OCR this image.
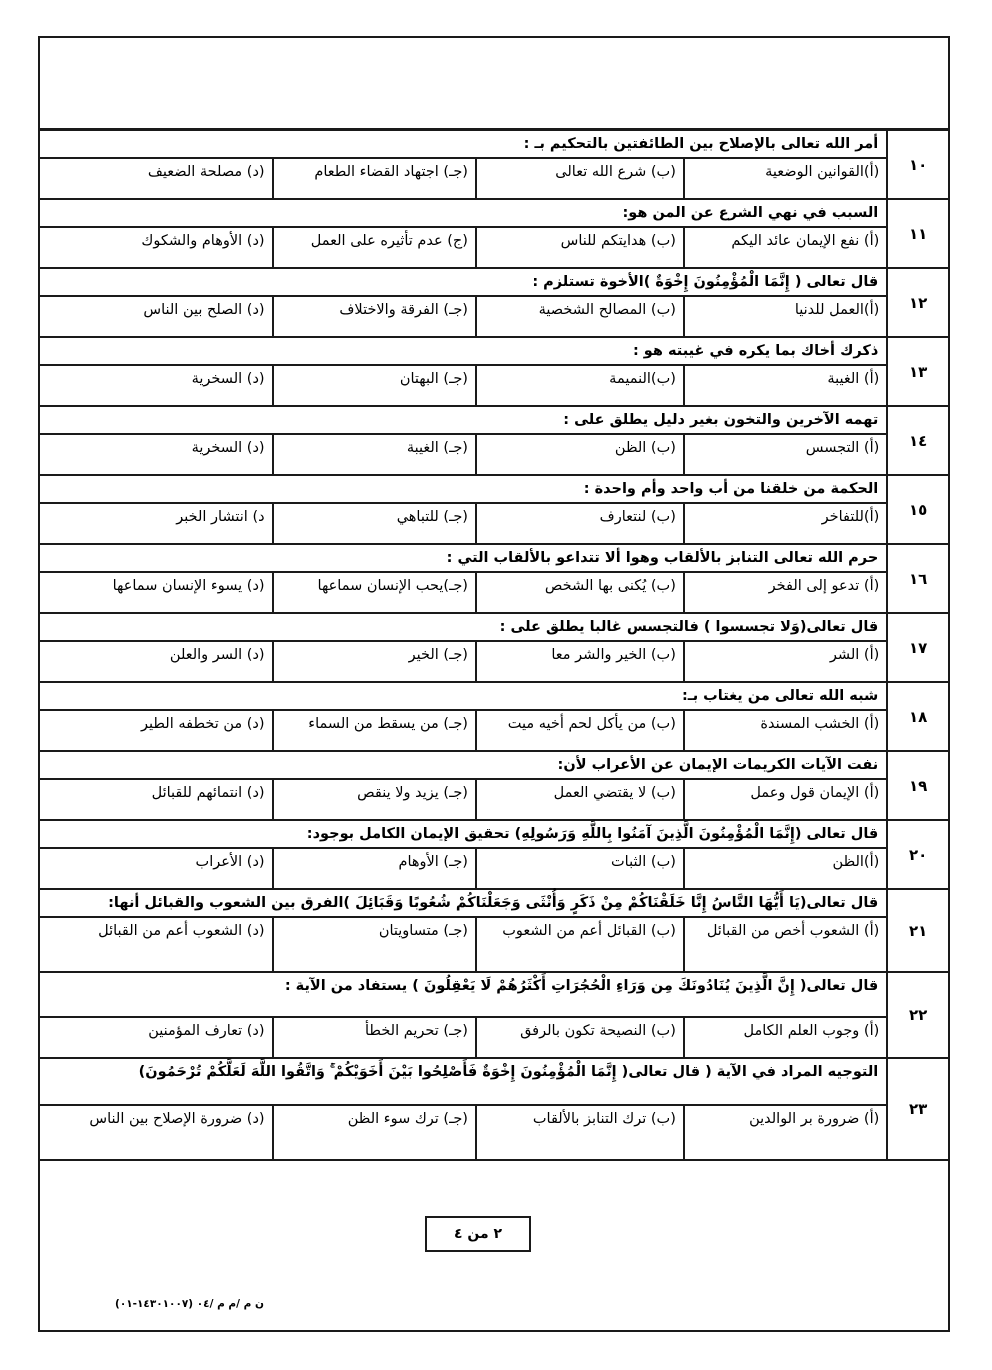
١٠
أمر الله تعالى بالإصلاح بين الطائفتين بالتحكيم بـ :
(أ)القوانين الوضعية
(ب) شرع الله تعالى
(جـ) اجتهاد القضاء الطعام
(د) مصلحة الضعيف
١١
السبب في نهي الشرع عن المن هو:
(أ) نفع الإيمان عائد اليكم
(ب) هدايتكم للناس
(ج) عدم تأثيره على العمل
(د) الأوهام والشكوك
١٢
قال تعالى ( إِنَّمَا الْمُؤْمِنُونَ إِخْوَةٌ )الأخوة تستلزم :
(أ)العمل للدنيا
(ب) المصالح الشخصية
(جـ) الفرقة والاختلاف
(د) الصلح بين الناس
١٣
ذكرك أخاك بما يكره في غيبته هو :
(أ) الغيبة
(ب)النميمة
(جـ) البهتان
(د) السخرية
١٤
تهمه الآخرين والتخون بغير دليل يطلق على :
(أ) التجسس
(ب) الظن
(جـ) الغيبة
(د) السخرية
١٥
الحكمة من خلقنا من أب واحد وأم واحدة :
(أ)للتفاخر
(ب) لنتعارف
(جـ) للتباهي
د) انتشار الخبر
١٦
حرم الله تعالى التنابز بالألقاب وهوا ألا تتداعو بالألقاب التي :
(أ) تدعو إلى الفخر
(ب) يُكنى بها الشخص
(جـ)يحب الإنسان سماعها
(د) يسوء الإنسان سماعها
١٧
قال تعالى(وَلا تجسسوا ) فالتجسس غالبا يطلق على :
(أ) الشر
(ب) الخير والشر معا
(جـ) الخير
(د) السر والعلن
١٨
شبه الله تعالى من يغتاب بـ:
(أ) الخشب المسندة
(ب) من يأكل لحم أخيه ميت
(جـ) من يسقط من السماء
(د) من تخطفه الطير
١٩
نفت الآيات الكريمات الإيمان عن الأعراب لأن:
(أ) الإيمان قول وعمل
(ب) لا يقتضي العمل
(جـ) يزيد ولا ينقص
(د) انتمائهم للقبائل
٢٠
قال تعالى (إِنَّمَا الْمُؤْمِنُونَ الَّذِينَ آمَنُوا بِاللَّهِ وَرَسُولِهِ) تحقيق الإيمان الكامل بوجود:
(أ)الظن
(ب) الثبات
(جـ) الأوهام
(د) الأعراب
٢١
قال تعالى(يَا أَيُّهَا النَّاسُ إِنَّا خَلَقْنَاكُمْ مِنْ ذَكَرٍ وَأُنْثَى وَجَعَلْنَاكُمْ شُعُوبًا وَقَبَائِلَ )الفرق بين الشعوب والقبائل أنها:
(أ) الشعوب أخص من القبائل
(ب) القبائل أعم من الشعوب
(جـ) متساويتان
(د) الشعوب أعم من القبائل
٢٢
قال تعالى( إِنَّ الَّذِينَ يُنَادُونَكَ مِن وَرَاءِ الْحُجُرَاتِ أَكْثَرُهُمْ لَا يَعْقِلُونَ ) يستفاد من الآية :
(أ) وجوب العلم الكامل
(ب) النصيحة تكون بالرفق
(جـ) تحريم الخطأ
(د) تعارف المؤمنين
٢٣
التوجيه المراد في الآية ( قال تعالى( إِنَّمَا الْمُؤْمِنُونَ إِخْوَةٌ فَأَصْلِحُوا بَيْنَ أَخَوَيْكُمْ ۚ وَاتَّقُوا اللَّهَ لَعَلَّكُمْ تُرْحَمُونَ)
(أ) ضرورة بر الوالدين
(ب) ترك التنابز بالألقاب
(جـ) ترك سوء الظن
(د) ضرورة الإصلاح بين الناس
٢ من ٤
ن م /م م /٠٤ (١٤٣٠١٠٠٧-٠١)
